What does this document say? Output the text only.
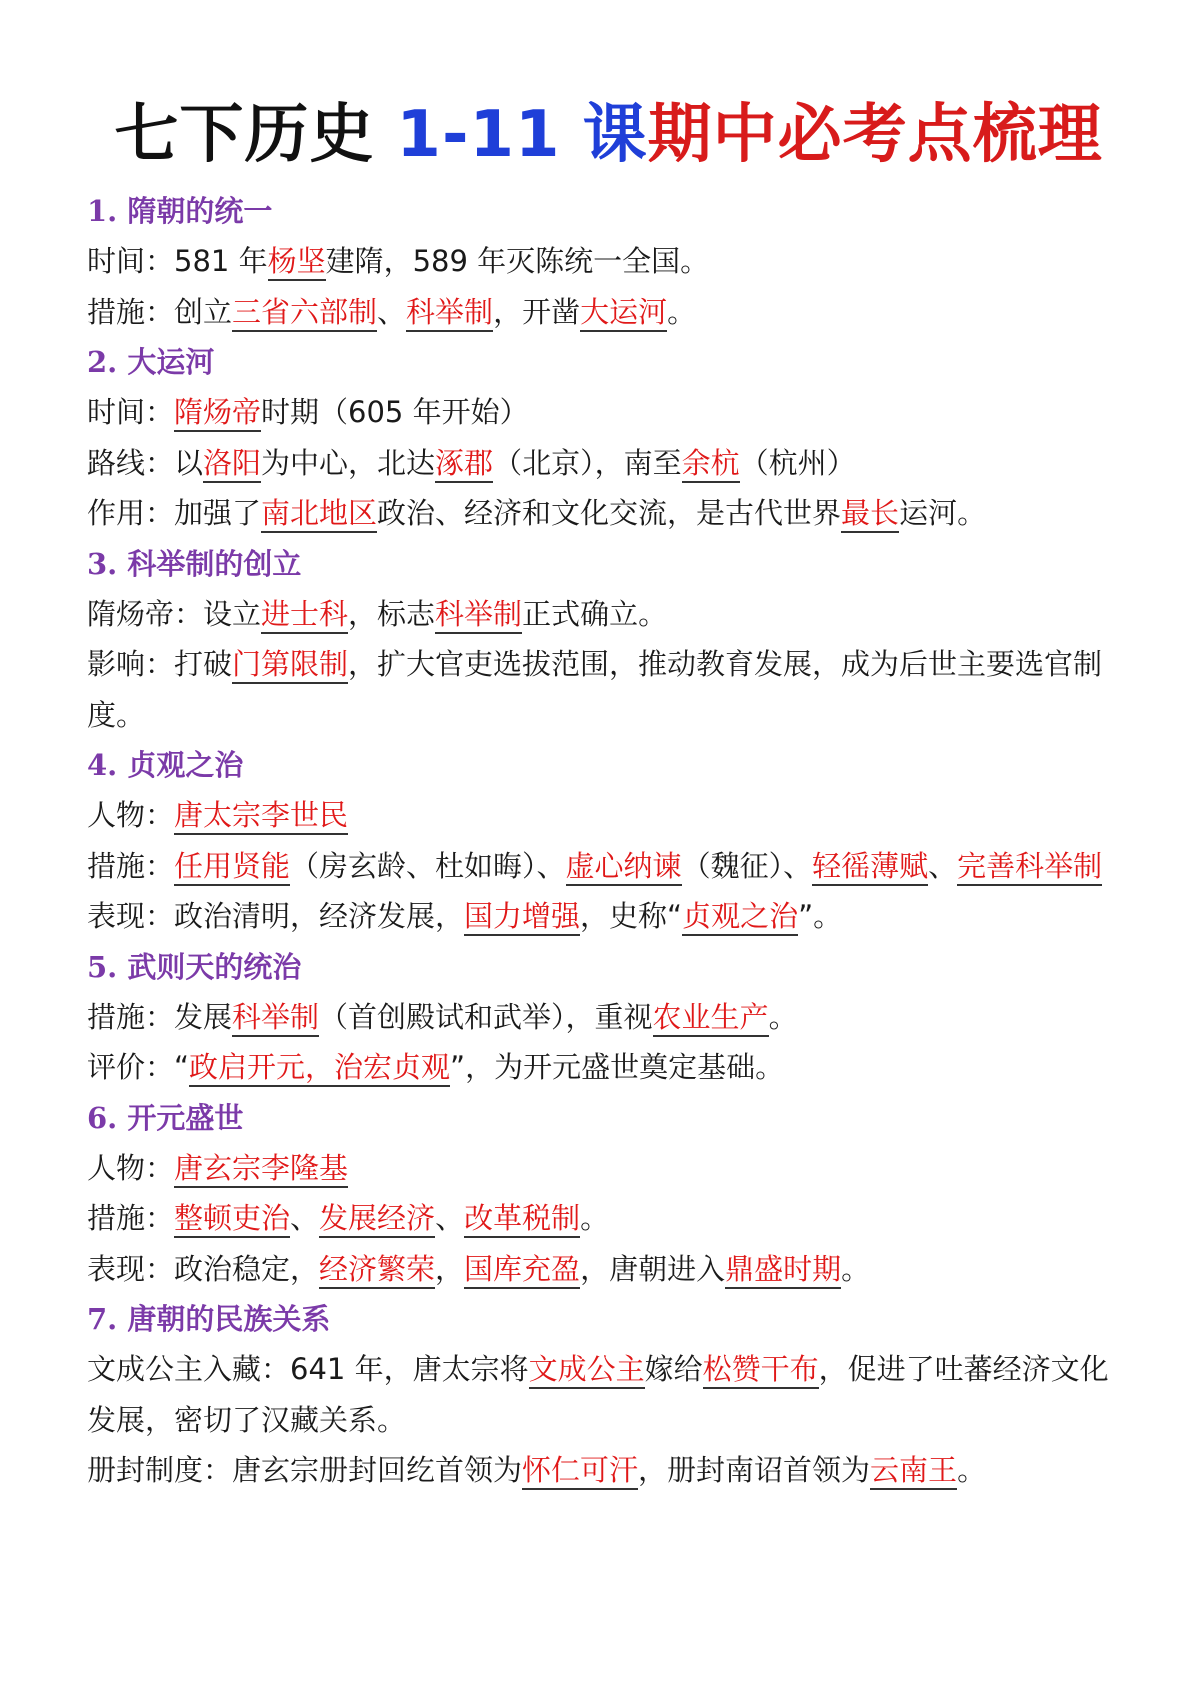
七下历史 1-11 课期中必考点梳理
1. 隋朝的统一
时间：581 年杨坚建隋，589 年灭陈统一全国。
措施：创立三省六部制、科举制，开凿大运河。
2. 大运河
时间：隋炀帝时期（605 年开始）
路线：以洛阳为中心，北达涿郡（北京），南至余杭（杭州）
作用：加强了南北地区政治、经济和文化交流，是古代世界最长运河。
3. 科举制的创立
隋炀帝：设立进士科，标志科举制正式确立。
影响：打破门第限制，扩大官吏选拔范围，推动教育发展，成为后世主要选官制度。
4. 贞观之治
人物：唐太宗李世民
措施：任用贤能（房玄龄、杜如晦）、虚心纳谏（魏征）、轻徭薄赋、完善科举制
表现：政治清明，经济发展，国力增强，史称“贞观之治”。
5. 武则天的统治
措施：发展科举制（首创殿试和武举），重视农业生产。
评价：“政启开元，治宏贞观”，为开元盛世奠定基础。
6. 开元盛世
人物：唐玄宗李隆基
措施：整顿吏治、发展经济、改革税制。
表现：政治稳定，经济繁荣，国库充盈，唐朝进入鼎盛时期。
7. 唐朝的民族关系
文成公主入藏：641 年，唐太宗将文成公主嫁给松赞干布，促进了吐蕃经济文化发展，密切了汉藏关系。
册封制度：唐玄宗册封回纥首领为怀仁可汗，册封南诏首领为云南王。
